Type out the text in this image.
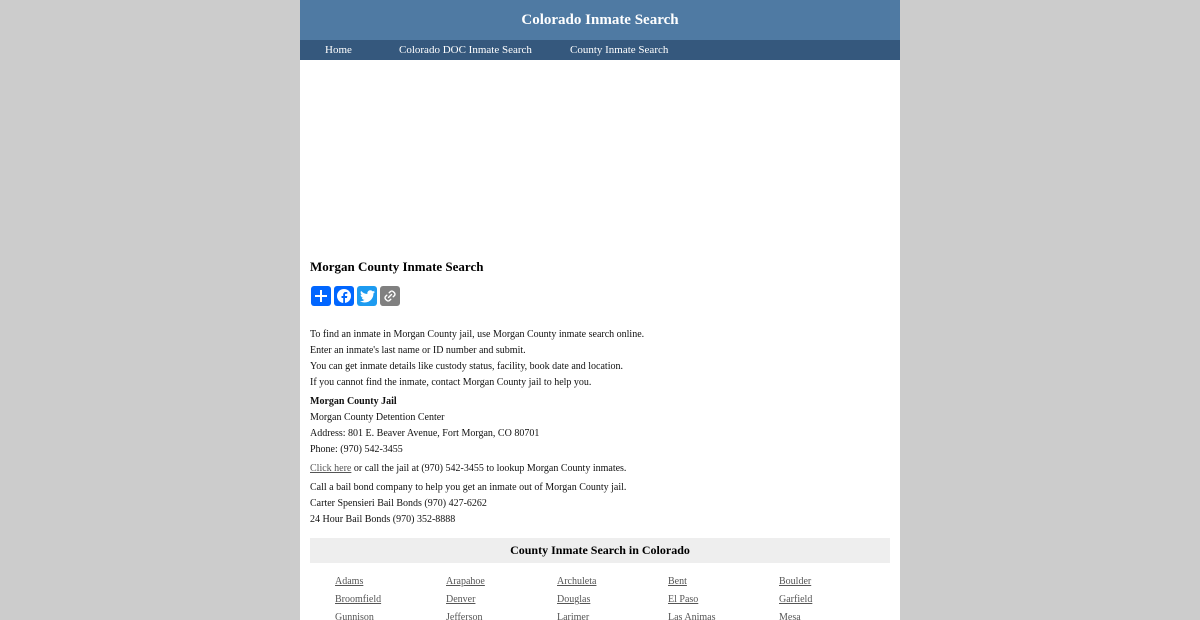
Colorado Inmate Search
Home	Colorado DOC Inmate Search	County Inmate Search
Morgan County Inmate Search
To find an inmate in Morgan County jail, use Morgan County inmate search online.
Enter an inmate's last name or ID number and submit.
You can get inmate details like custody status, facility, book date and location.
If you cannot find the inmate, contact Morgan County jail to help you.
Morgan County Jail
Morgan County Detention Center
Address: 801 E. Beaver Avenue, Fort Morgan, CO 80701
Phone: (970) 542-3455
Click here or call the jail at (970) 542-3455 to lookup Morgan County inmates.
Call a bail bond company to help you get an inmate out of Morgan County jail.
Carter Spensieri Bail Bonds (970) 427-6262
24 Hour Bail Bonds (970) 352-8888
County Inmate Search in Colorado
Adams	Arapahoe	Archuleta	Bent	Boulder
Broomfield	Denver	Douglas	El Paso	Garfield
Gunnison	Jefferson	Larimer	Las Animas	Mesa
